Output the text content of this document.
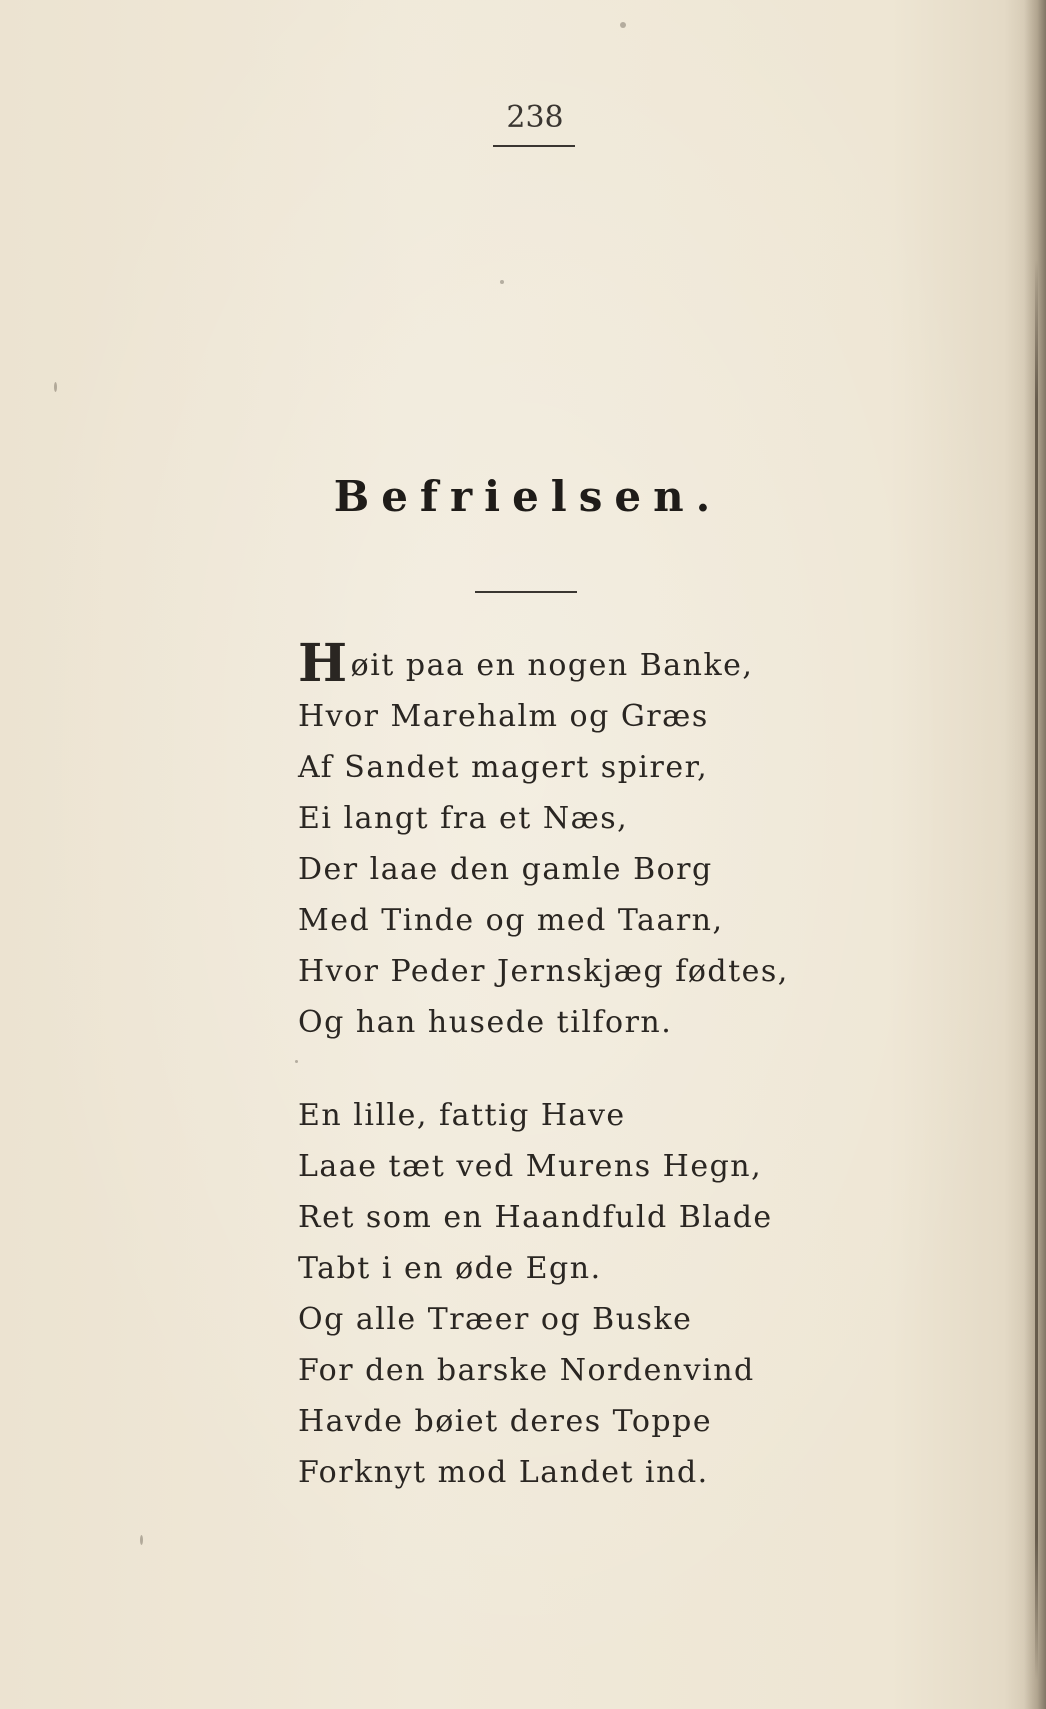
238
Befrielsen.
Høit paa en nogen Banke,
Hvor Marehalm og Græs
Af Sandet magert spirer,
Ei langt fra et Næs,
Der laae den gamle Borg
Med Tinde og med Taarn,
Hvor Peder Jernskjæg fødtes,
Og han husede tilforn.
En lille, fattig Have
Laae tæt ved Murens Hegn,
Ret som en Haandfuld Blade
Tabt i en øde Egn.
Og alle Træer og Buske
For den barske Nordenvind
Havde bøiet deres Toppe
Forknyt mod Landet ind.
